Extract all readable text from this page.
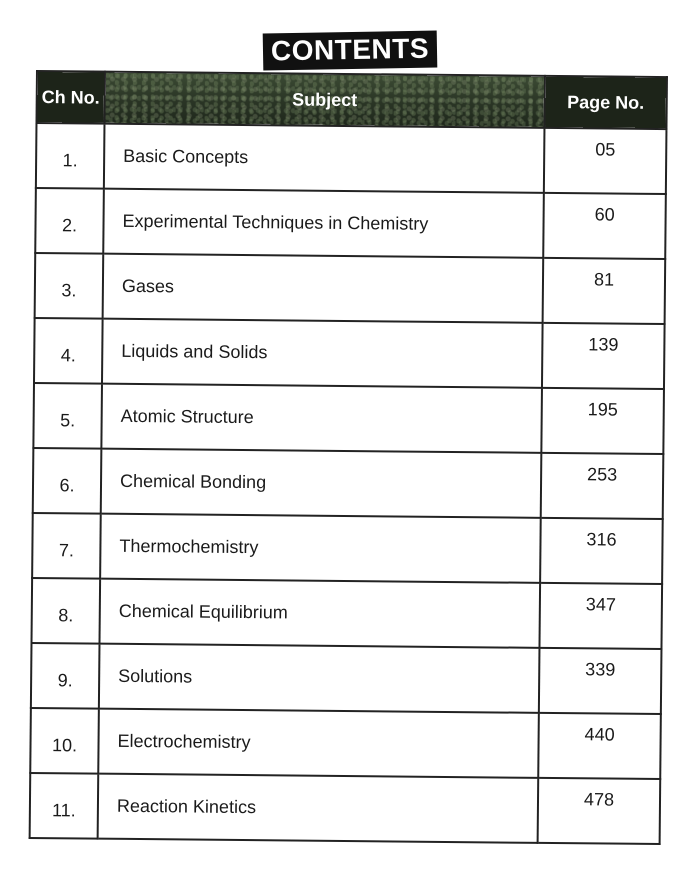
CONTENTS
Ch No.	Subject	Page No.
1.	Basic Concepts	05
2.	Experimental Techniques in Chemistry	60
3.	Gases	81
4.	Liquids and Solids	139
5.	Atomic Structure	195
6.	Chemical Bonding	253
7.	Thermochemistry	316
8.	Chemical Equilibrium	347
9.	Solutions	339
10.	Electrochemistry	440
11.	Reaction Kinetics	478
